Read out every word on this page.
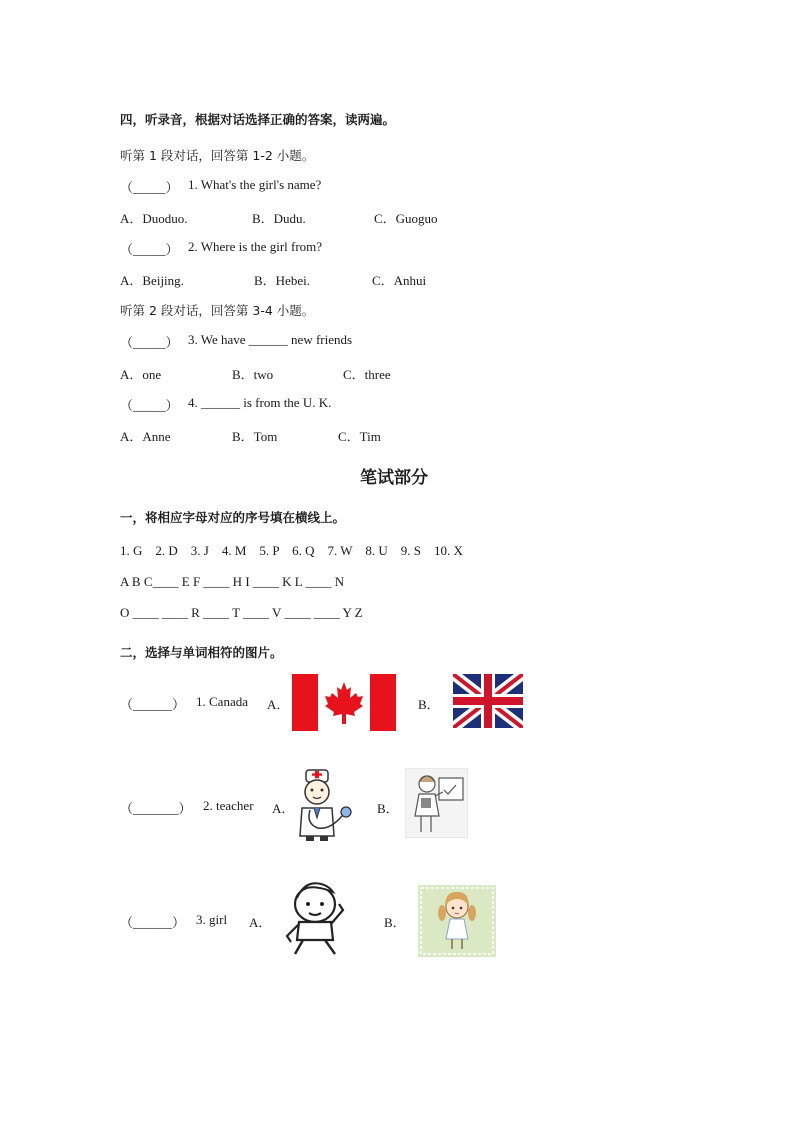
四，听录音，根据对话选择正确的答案，读两遍。
听第 1 段对话，回答第 1-2 小题。
（_____） 1. What's the girl's name?
A．Duoduo.	B．Dudu.	C．Guoguo
（_____） 2. Where is the girl from?
A．Beijing.	B．Hebei.	C．Anhui
听第 2 段对话，回答第 3-4 小题。
（_____） 3. We have ______ new friends
A．one	B．two	C．three
（_____） 4. ______ is from the U. K.
A．Anne	B．Tom	C．Tim
笔试部分
一，将相应字母对应的序号填在横线上。
1. G    2. D    3. J    4. M    5. P    6. Q    7. W    8. U    9. S    10. X
A B C____ E F ____ H I ____ K L ____ N
O ____ ____ R ____ T ____ V ____ ____ Y Z
二，选择与单词相符的图片。
（______） 1. Canada A．	B．
（_______） 2. teacher A．	B．
（______） 3. girl A．	B．
